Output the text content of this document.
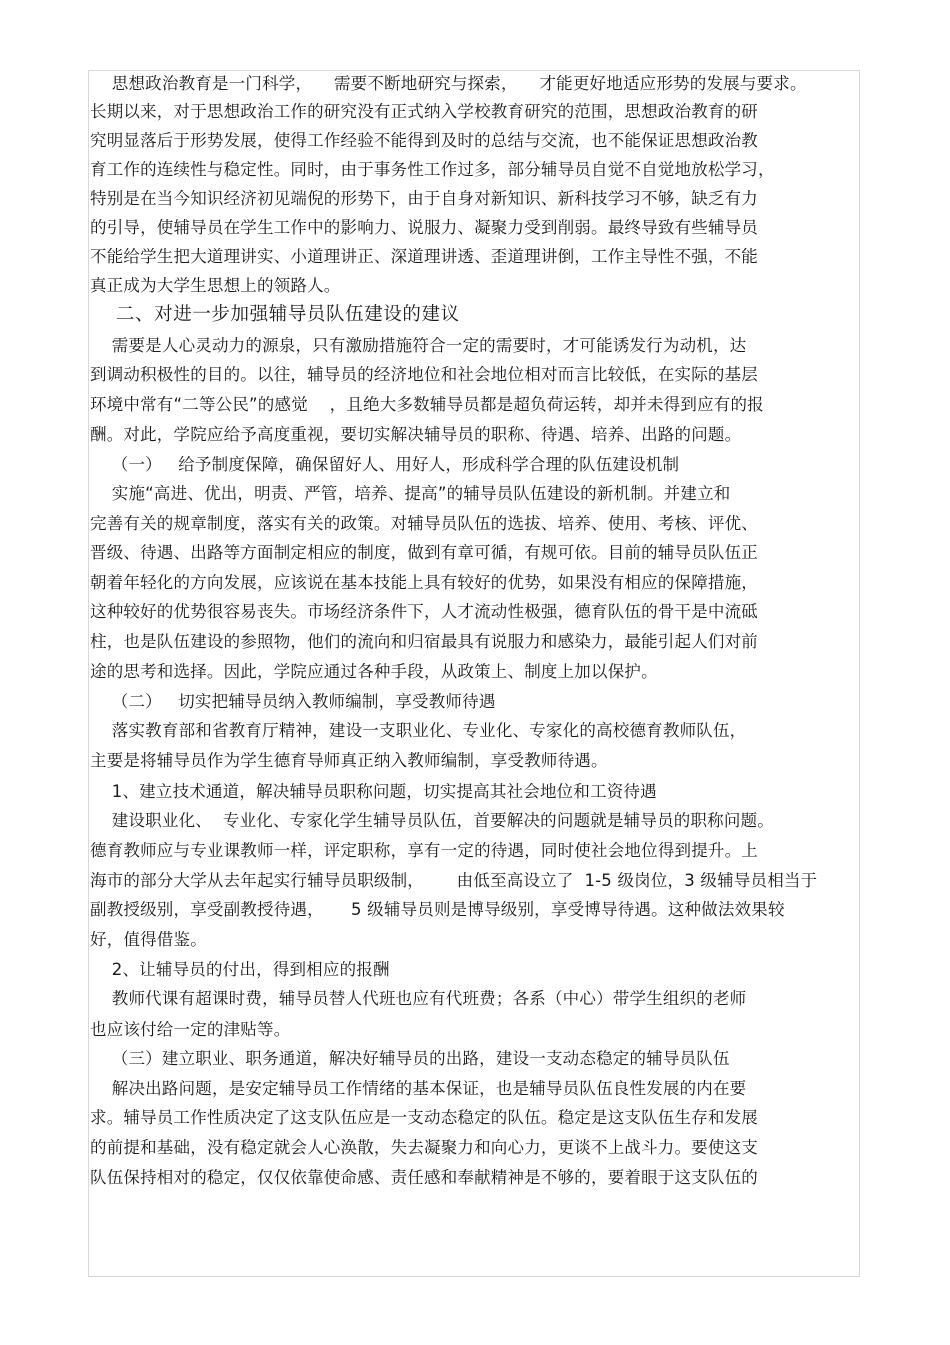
思想政治教育是一门科学，    需要不断地研究与探索，    才能更好地适应形势的发展与要求。
长期以来，对于思想政治工作的研究没有正式纳入学校教育研究的范围，思想政治教育的研
究明显落后于形势发展，使得工作经验不能得到及时的总结与交流，也不能保证思想政治教
育工作的连续性与稳定性。同时，由于事务性工作过多，部分辅导员自觉不自觉地放松学习，
特别是在当今知识经济初见端倪的形势下，由于自身对新知识、新科技学习不够，缺乏有力
的引导，使辅导员在学生工作中的影响力、说服力、凝聚力受到削弱。最终导致有些辅导员
不能给学生把大道理讲实、小道理讲正、深道理讲透、歪道理讲倒，工作主导性不强，不能
真正成为大学生思想上的领路人。
二、对进一步加强辅导员队伍建设的建议
需要是人心灵动力的源泉，只有激励措施符合一定的需要时，才可能诱发行为动机，达
到调动积极性的目的。以往，辅导员的经济地位和社会地位相对而言比较低，在实际的基层
环境中常有“二等公民”的感觉    ，且绝大多数辅导员都是超负荷运转，却并未得到应有的报
酬。对此，学院应给予高度重视，要切实解决辅导员的职称、待遇、培养、出路的问题。
（一）   给予制度保障，确保留好人、用好人，形成科学合理的队伍建设机制
实施“高进、优出，明责、严管，培养、提高”的辅导员队伍建设的新机制。并建立和
完善有关的规章制度，落实有关的政策。对辅导员队伍的选拔、培养、使用、考核、评优、
晋级、待遇、出路等方面制定相应的制度，做到有章可循，有规可依。目前的辅导员队伍正
朝着年轻化的方向发展，应该说在基本技能上具有较好的优势，如果没有相应的保障措施，
这种较好的优势很容易丧失。市场经济条件下，人才流动性极强，德育队伍的骨干是中流砥
柱，也是队伍建设的参照物，他们的流向和归宿最具有说服力和感染力，最能引起人们对前
途的思考和选择。因此，学院应通过各种手段，从政策上、制度上加以保护。
（二）   切实把辅导员纳入教师编制，享受教师待遇
落实教育部和省教育厅精神，建设一支职业化、专业化、专家化的高校德育教师队伍，
主要是将辅导员作为学生德育导师真正纳入教师编制，享受教师待遇。
1、建立技术通道，解决辅导员职称问题，切实提高其社会地位和工资待遇
建设职业化、  专业化、专家化学生辅导员队伍，首要解决的问题就是辅导员的职称问题。
德育教师应与专业课教师一样，评定职称，享有一定的待遇，同时使社会地位得到提升。上
海市的部分大学从去年起实行辅导员职级制，      由低至高设立了  1-5 级岗位，3 级辅导员相当于
副教授级别，享受副教授待遇，     5 级辅导员则是博导级别，享受博导待遇。这种做法效果较
好，值得借鉴。
2、让辅导员的付出，得到相应的报酬
教师代课有超课时费，辅导员替人代班也应有代班费；各系（中心）带学生组织的老师
也应该付给一定的津贴等。
（三）建立职业、职务通道，解决好辅导员的出路，建设一支动态稳定的辅导员队伍
解决出路问题，是安定辅导员工作情绪的基本保证，也是辅导员队伍良性发展的内在要
求。辅导员工作性质决定了这支队伍应是一支动态稳定的队伍。稳定是这支队伍生存和发展
的前提和基础，没有稳定就会人心涣散，失去凝聚力和向心力，更谈不上战斗力。要使这支
队伍保持相对的稳定，仅仅依靠使命感、责任感和奉献精神是不够的，要着眼于这支队伍的
